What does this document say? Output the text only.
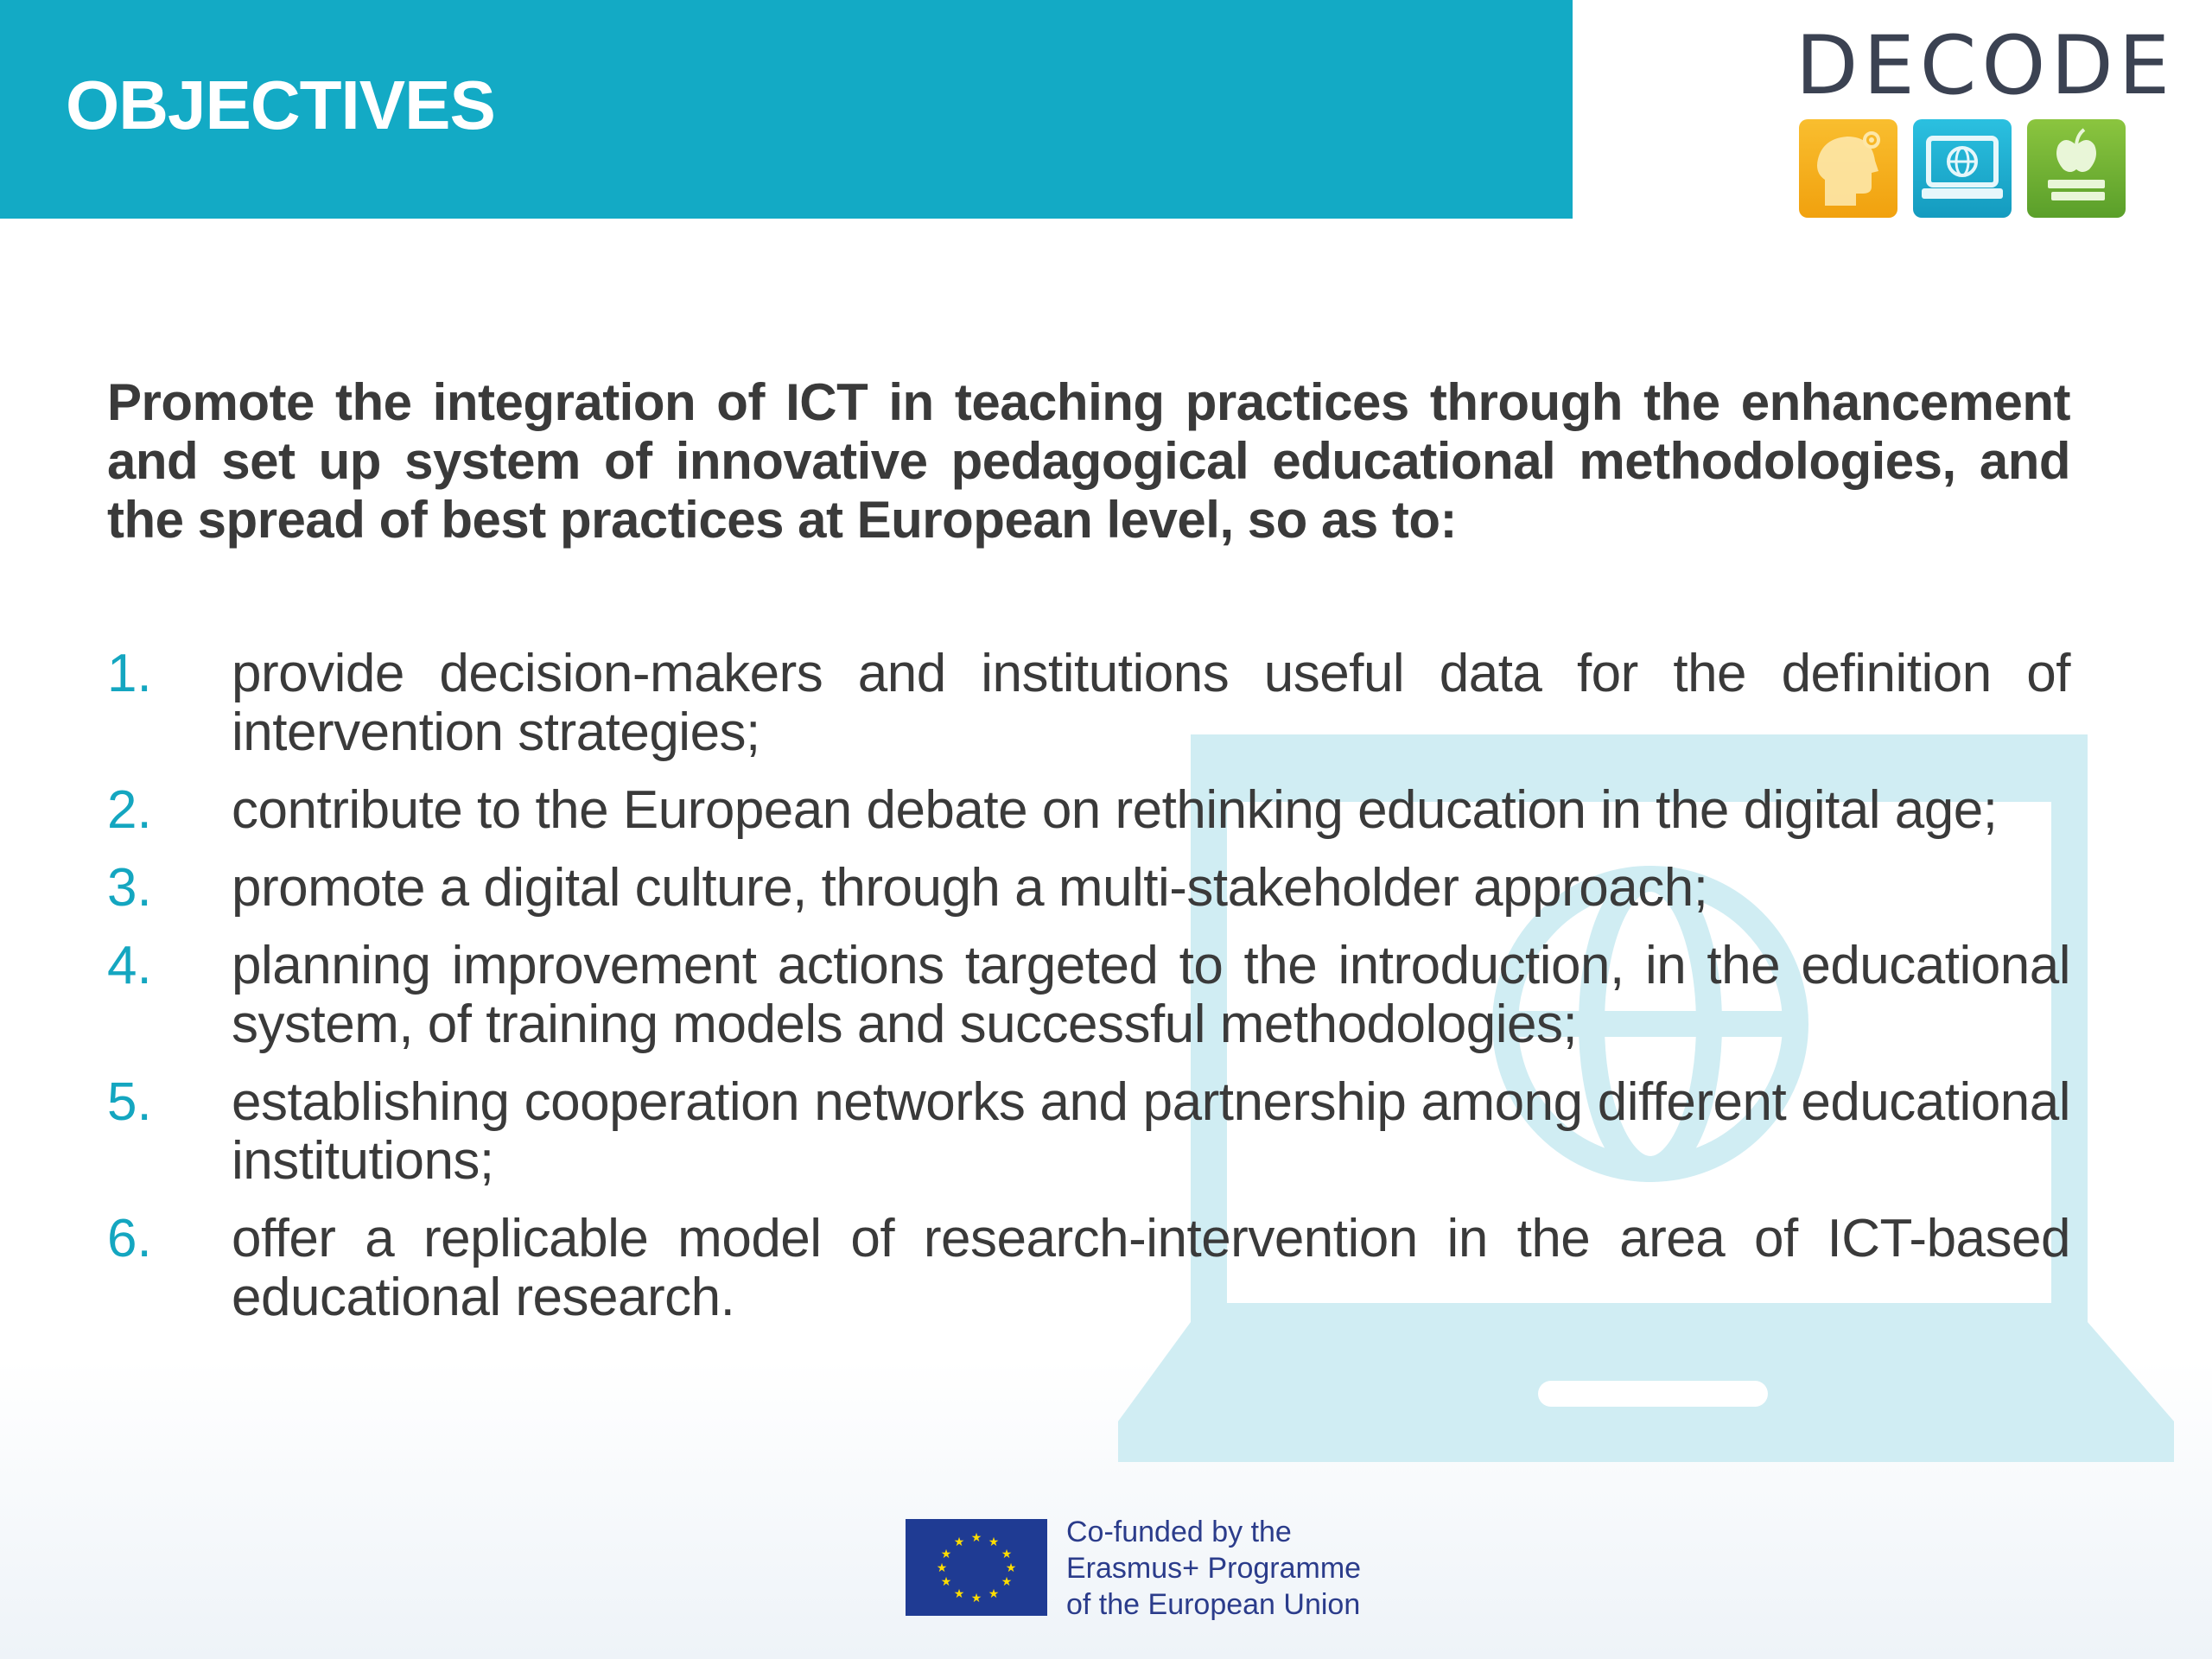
OBJECTIVES	DECODE
Promote the integration of ICT in teaching practices through the enhancement and set up system of innovative pedagogical educational methodologies, and the spread of best practices at European level, so as to:
1.	provide decision-makers and institutions useful data for the definition of intervention strategies;
2.	contribute to the European debate on rethinking education in the digital age;
3.	promote a digital culture, through a multi-stakeholder approach;
4.	planning improvement actions targeted to the introduction, in the educational system, of training models and successful methodologies;
5.	establishing cooperation networks and partnership among different educational institutions;
6.	offer a replicable model of research-intervention in the area of ICT-based educational research.
★ ★
★
★
★
★
★
★
★
★
★
★	Co-funded by the
Erasmus+ Programme
of the European Union
